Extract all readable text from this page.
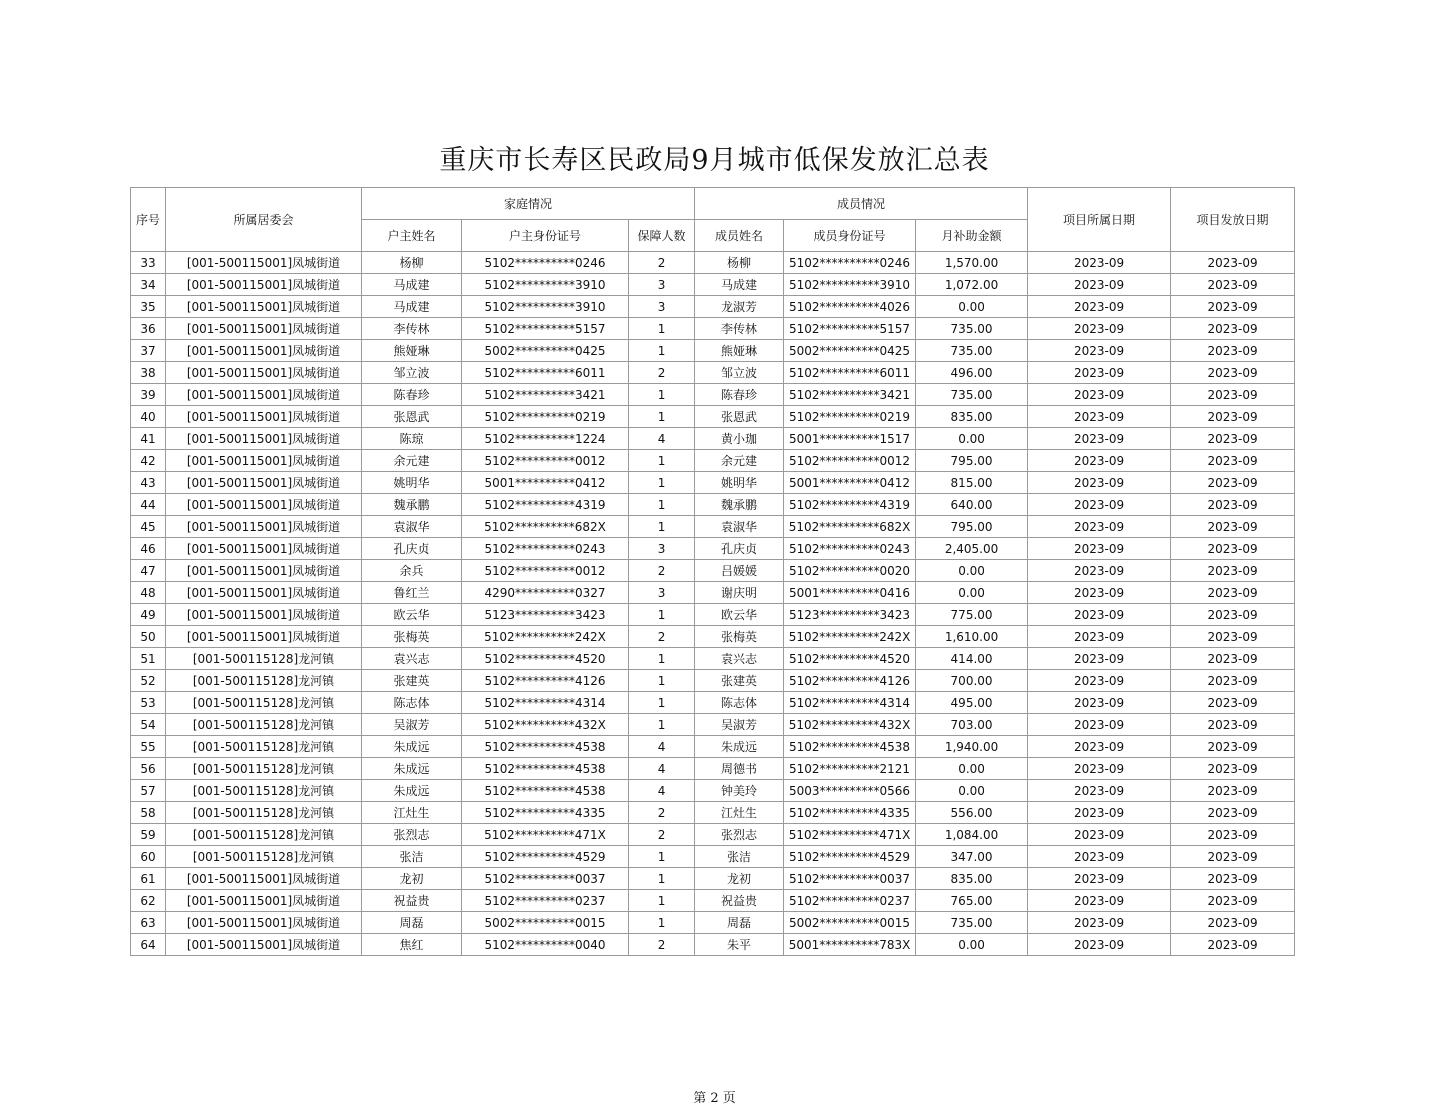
重庆市长寿区民政局9月城市低保发放汇总表
序号	所属居委会	家庭情况			成员情况			项目所属日期	项目发放日期
		户主姓名	户主身份证号	保障人数	成员姓名	成员身份证号	月补助金额		
33	[001-500115001]凤城街道	杨柳	5102**********0246	2	杨柳	5102**********0246	1,570.00	2023-09	2023-09
34	[001-500115001]凤城街道	马成建	5102**********3910	3	马成建	5102**********3910	1,072.00	2023-09	2023-09
35	[001-500115001]凤城街道	马成建	5102**********3910	3	龙淑芳	5102**********4026	0.00	2023-09	2023-09
36	[001-500115001]凤城街道	李传林	5102**********5157	1	李传林	5102**********5157	735.00	2023-09	2023-09
37	[001-500115001]凤城街道	熊娅琳	5002**********0425	1	熊娅琳	5002**********0425	735.00	2023-09	2023-09
38	[001-500115001]凤城街道	邹立波	5102**********6011	2	邹立波	5102**********6011	496.00	2023-09	2023-09
39	[001-500115001]凤城街道	陈春珍	5102**********3421	1	陈春珍	5102**********3421	735.00	2023-09	2023-09
40	[001-500115001]凤城街道	张恩武	5102**********0219	1	张恩武	5102**********0219	835.00	2023-09	2023-09
41	[001-500115001]凤城街道	陈琼	5102**********1224	4	黄小珈	5001**********1517	0.00	2023-09	2023-09
42	[001-500115001]凤城街道	余元建	5102**********0012	1	余元建	5102**********0012	795.00	2023-09	2023-09
43	[001-500115001]凤城街道	姚明华	5001**********0412	1	姚明华	5001**********0412	815.00	2023-09	2023-09
44	[001-500115001]凤城街道	魏承鹏	5102**********4319	1	魏承鹏	5102**********4319	640.00	2023-09	2023-09
45	[001-500115001]凤城街道	袁淑华	5102**********682X	1	袁淑华	5102**********682X	795.00	2023-09	2023-09
46	[001-500115001]凤城街道	孔庆贞	5102**********0243	3	孔庆贞	5102**********0243	2,405.00	2023-09	2023-09
47	[001-500115001]凤城街道	余兵	5102**********0012	2	吕媛媛	5102**********0020	0.00	2023-09	2023-09
48	[001-500115001]凤城街道	鲁红兰	4290**********0327	3	谢庆明	5001**********0416	0.00	2023-09	2023-09
49	[001-500115001]凤城街道	欧云华	5123**********3423	1	欧云华	5123**********3423	775.00	2023-09	2023-09
50	[001-500115001]凤城街道	张梅英	5102**********242X	2	张梅英	5102**********242X	1,610.00	2023-09	2023-09
51	[001-500115128]龙河镇	袁兴志	5102**********4520	1	袁兴志	5102**********4520	414.00	2023-09	2023-09
52	[001-500115128]龙河镇	张建英	5102**********4126	1	张建英	5102**********4126	700.00	2023-09	2023-09
53	[001-500115128]龙河镇	陈志体	5102**********4314	1	陈志体	5102**********4314	495.00	2023-09	2023-09
54	[001-500115128]龙河镇	吴淑芳	5102**********432X	1	吴淑芳	5102**********432X	703.00	2023-09	2023-09
55	[001-500115128]龙河镇	朱成远	5102**********4538	4	朱成远	5102**********4538	1,940.00	2023-09	2023-09
56	[001-500115128]龙河镇	朱成远	5102**********4538	4	周德书	5102**********2121	0.00	2023-09	2023-09
57	[001-500115128]龙河镇	朱成远	5102**********4538	4	钟美玲	5003**********0566	0.00	2023-09	2023-09
58	[001-500115128]龙河镇	江灶生	5102**********4335	2	江灶生	5102**********4335	556.00	2023-09	2023-09
59	[001-500115128]龙河镇	张烈志	5102**********471X	2	张烈志	5102**********471X	1,084.00	2023-09	2023-09
60	[001-500115128]龙河镇	张洁	5102**********4529	1	张洁	5102**********4529	347.00	2023-09	2023-09
61	[001-500115001]凤城街道	龙初	5102**********0037	1	龙初	5102**********0037	835.00	2023-09	2023-09
62	[001-500115001]凤城街道	祝益贵	5102**********0237	1	祝益贵	5102**********0237	765.00	2023-09	2023-09
63	[001-500115001]凤城街道	周磊	5002**********0015	1	周磊	5002**********0015	735.00	2023-09	2023-09
64	[001-500115001]凤城街道	焦红	5102**********0040	2	朱平	5001**********783X	0.00	2023-09	2023-09
第 2 页
